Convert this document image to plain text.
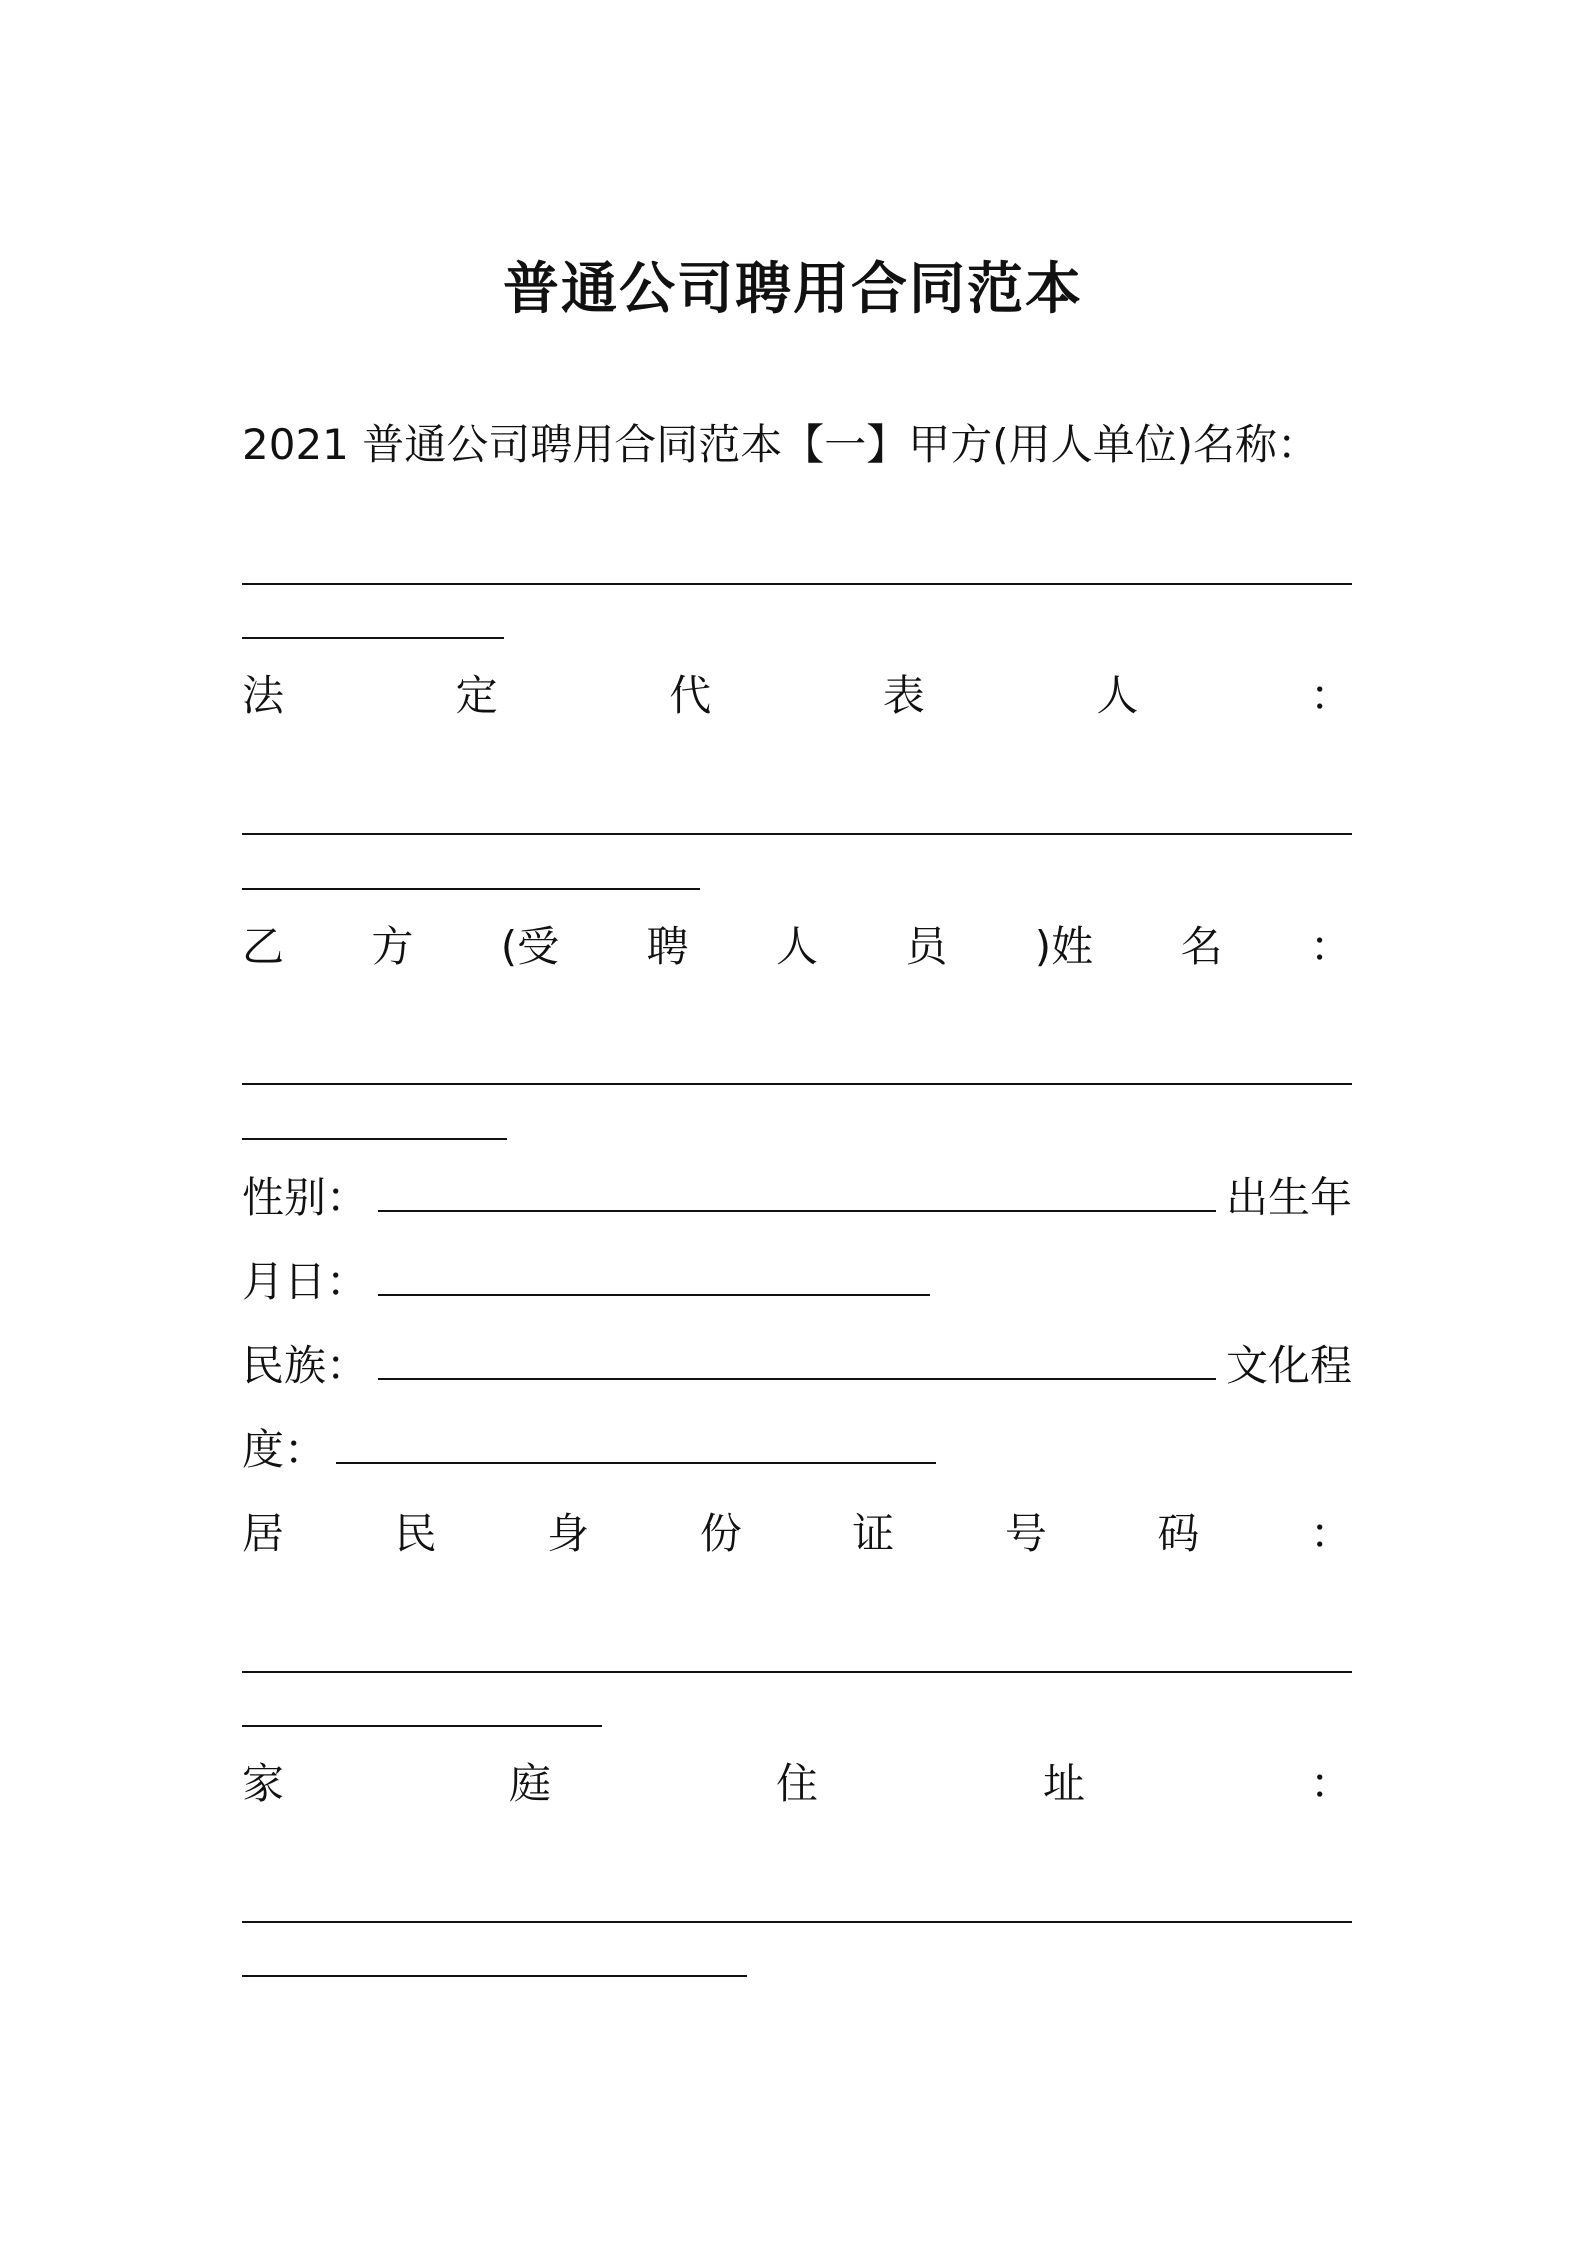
普通公司聘用合同范本
2021 普通公司聘用合同范本【一】甲方(用人单位)名称：
法	定	代	表	人	：
乙 方 (受 聘 人 员 )姓 名 ：
性别：	出生年
月日：
民族：	文化程
度：
居	民	身	份	证	号	码	：
家	庭	住	址	：
